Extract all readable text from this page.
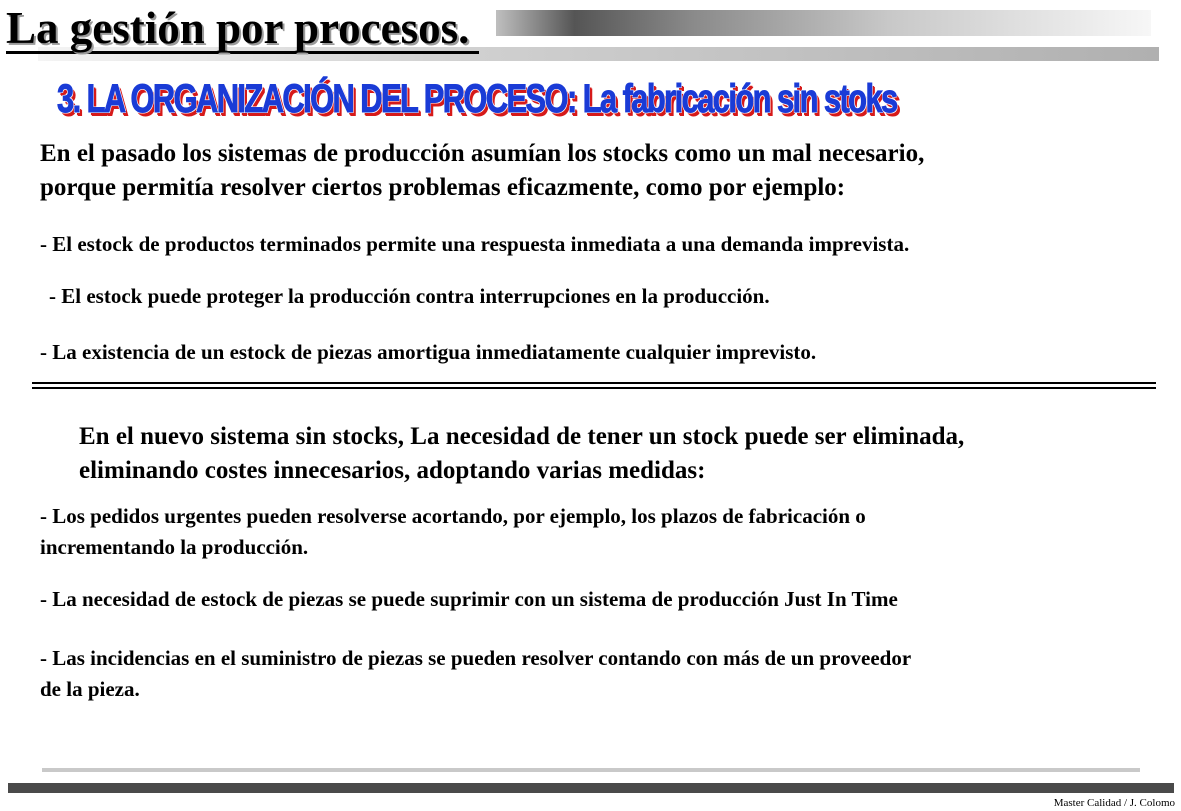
La gestión por procesos.
3. LA ORGANIZACIÓN DEL PROCESO: La fabricación sin stoks

En el pasado los sistemas de producción asumían los stocks como un mal necesario,

porque permitía resolver ciertos problemas eficazmente, como por ejemplo:

- El estock de productos terminados permite una respuesta inmediata a una demanda imprevista.

- El estock puede proteger la producción contra interrupciones en la producción.

- La existencia de un estock de piezas amortigua inmediatamente cualquier imprevisto.

En el nuevo sistema sin stocks, La necesidad de tener un stock puede ser eliminada,

eliminando costes innecesarios, adoptando varias medidas:

- Los pedidos urgentes pueden resolverse acortando, por ejemplo, los plazos de fabricación o

incrementando la producción.

- La necesidad de estock de piezas se puede suprimir con un sistema de producción Just In Time

- Las incidencias en el suministro de piezas se pueden resolver contando con más de un proveedor

de la pieza.

Master Calidad / J. Colomo
